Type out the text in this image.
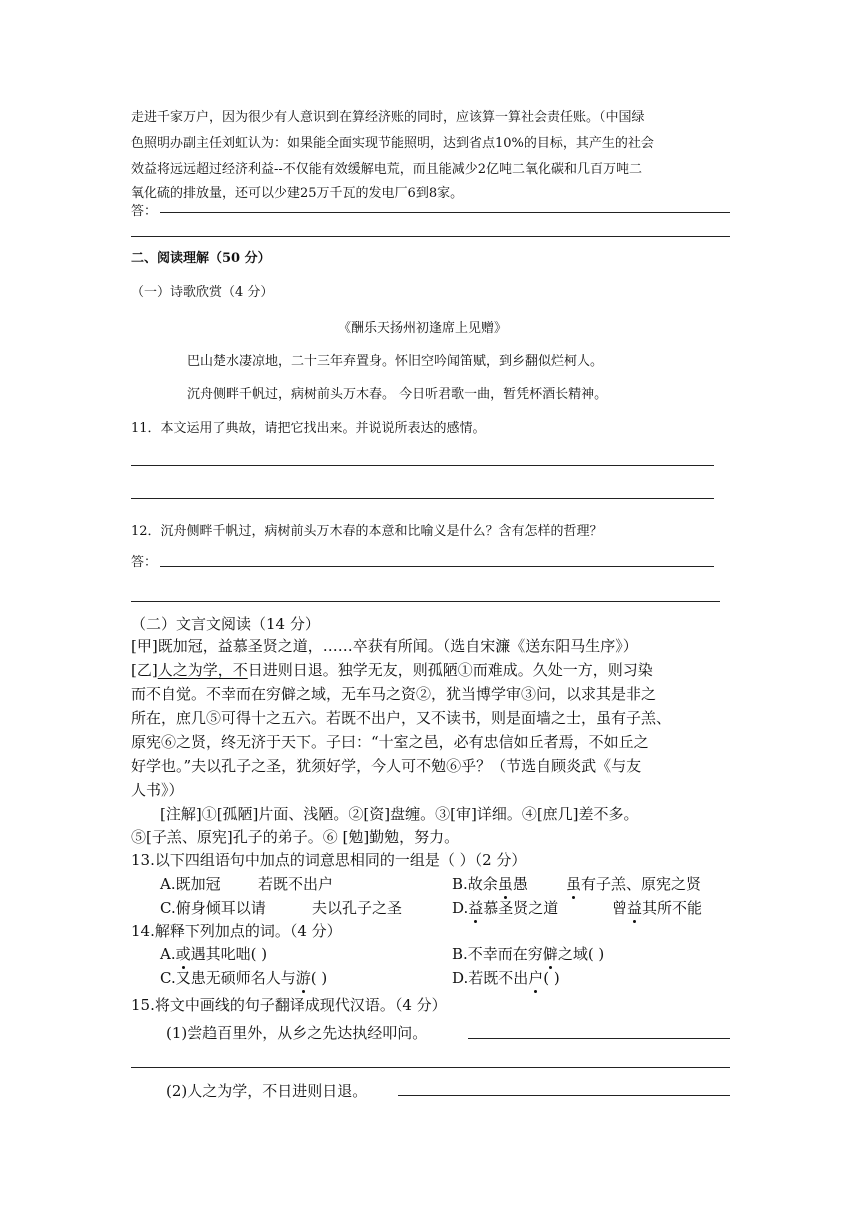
走进千家万户，因为很少有人意识到在算经济账的同时，应该算一算社会责任账。（中国绿
色照明办副主任刘虹认为：如果能全面实现节能照明，达到省点10%的目标，其产生的社会
效益将远远超过经济利益--不仅能有效缓解电荒，而且能减少2亿吨二氧化碳和几百万吨二
氧化硫的排放量，还可以少建25万千瓦的发电厂6到8家。
答：
二、阅读理解（50 分）
（一）诗歌欣赏（4 分）
《酬乐天扬州初逢席上见赠》
巴山楚水凄凉地，二十三年弃置身。怀旧空吟闻笛赋，到乡翻似烂柯人。
沉舟侧畔千帆过，病树前头万木春。 今日听君歌一曲，暂凭杯酒长精神。
11．本文运用了典故，请把它找出来。并说说所表达的感情。
12．沉舟侧畔千帆过，病树前头万木春的本意和比喻义是什么？含有怎样的哲理？
答：
（二）文言文阅读（14 分）
[甲]既加冠，益慕圣贤之道，……卒获有所闻。（选自宋濂《送东阳马生序》）
[乙]人之为学，不日进则日退。独学无友，则孤陋①而难成。久处一方，则习染
而不自觉。不幸而在穷僻之域，无车马之资②，犹当博学审③问，以求其是非之
所在，庶几⑤可得十之五六。若既不出户，又不读书，则是面墙之士，虽有子羔、
原宪⑥之贤，终无济于天下。子曰：“十室之邑，必有忠信如丘者焉，不如丘之
好学也。”夫以孔子之圣，犹须好学，今人可不勉⑥乎？（节选自顾炎武《与友
人书》）
[注解]①[孤陋]片面、浅陋。②[资]盘缠。③[审]详细。④[庶几]差不多。
⑤[子羔、原宪]孔子的弟子。⑥ [勉]勤勉，努力。
13.以下四组语句中加点的词意思相同的一组是（ ）（2 分）
A.既加冠 若既不出户	B.故余虽愚	虽有子羔、原宪之贤
C.俯身倾耳以请	夫以孔子之圣	D.益慕圣贤之道	曾益其所不能
14.解释下列加点的词。（4 分）
A.或遇其叱咄( )	B.不幸而在穷僻之域( )
C.又患无硕师名人与游( )	D.若既不出户( )
15.将文中画线的句子翻译成现代汉语。（4 分）
(1)尝趋百里外，从乡之先达执经叩问。
(2)人之为学，不日进则日退。
